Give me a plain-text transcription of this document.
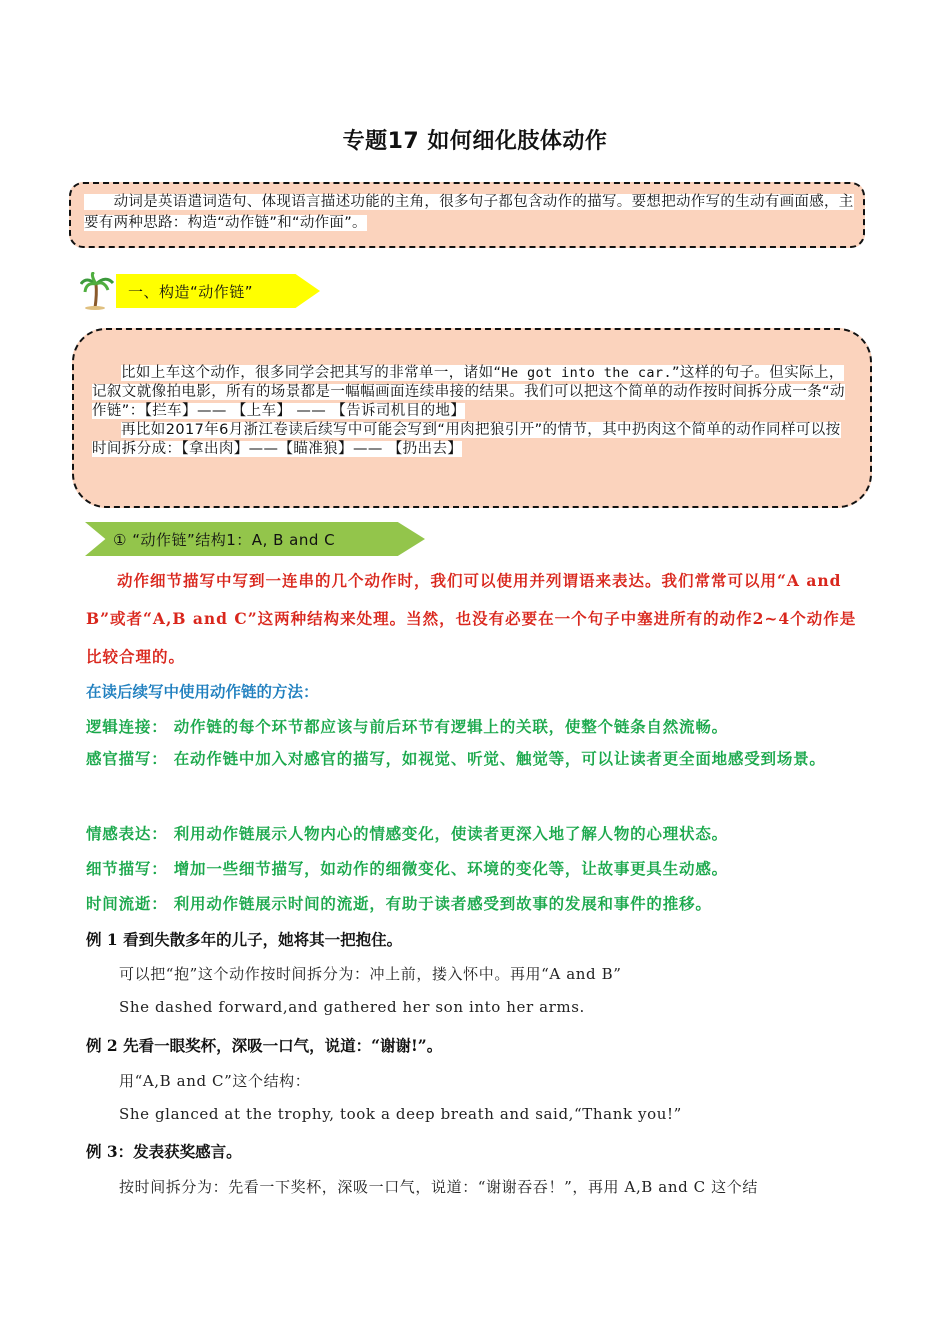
专题17 如何细化肢体动作
　　动词是英语遣词造句、体现语言描述功能的主角，很多句子都包含动作的描写。要想把动作写的生动有画面感，主要有两种思路：构造“动作链”和“动作面”。
一、构造“动作链”
比如上车这个动作，很多同学会把其写的非常单一，诸如“He got into the car.”这样的句子。但实际上，记叙文就像拍电影，所有的场景都是一幅幅画面连续串接的结果。我们可以把这个简单的动作按时间拆分成一条“动作链”：【拦车】—— 【上车】 —— 【告诉司机目的地】
再比如2017年6月浙江卷读后续写中可能会写到“用肉把狼引开”的情节，其中扔肉这个简单的动作同样可以按时间拆分成：【拿出肉】——【瞄准狼】—— 【扔出去】
① “动作链”结构1：A, B and C
动作细节描写中写到一连串的几个动作时，我们可以使用并列谓语来表达。我们常常可以用“A and B”或者“A,B and C”这两种结构来处理。当然，也没有必要在一个句子中塞进所有的动作2~4个动作是比较合理的。
在读后续写中使用动作链的方法：
逻辑连接： 动作链的每个环节都应该与前后环节有逻辑上的关联，使整个链条自然流畅。
感官描写： 在动作链中加入对感官的描写，如视觉、听觉、触觉等，可以让读者更全面地感受到场景。
情感表达： 利用动作链展示人物内心的情感变化，使读者更深入地了解人物的心理状态。
细节描写： 增加一些细节描写，如动作的细微变化、环境的变化等，让故事更具生动感。
时间流逝： 利用动作链展示时间的流逝，有助于读者感受到故事的发展和事件的推移。
例 1 看到失散多年的儿子，她将其一把抱住。
可以把“抱”这个动作按时间拆分为：冲上前，搂入怀中。再用“A and B”
She dashed forward,and gathered her son into her arms.
例 2 先看一眼奖杯，深吸一口气，说道：“谢谢!”。
用“A,B and C”这个结构：
She glanced at the trophy, took a deep breath and said,“Thank you!”
例 3：发表获奖感言。
按时间拆分为：先看一下奖杯，深吸一口气，说道：“谢谢吞吞！”，再用 A,B and C 这个结
